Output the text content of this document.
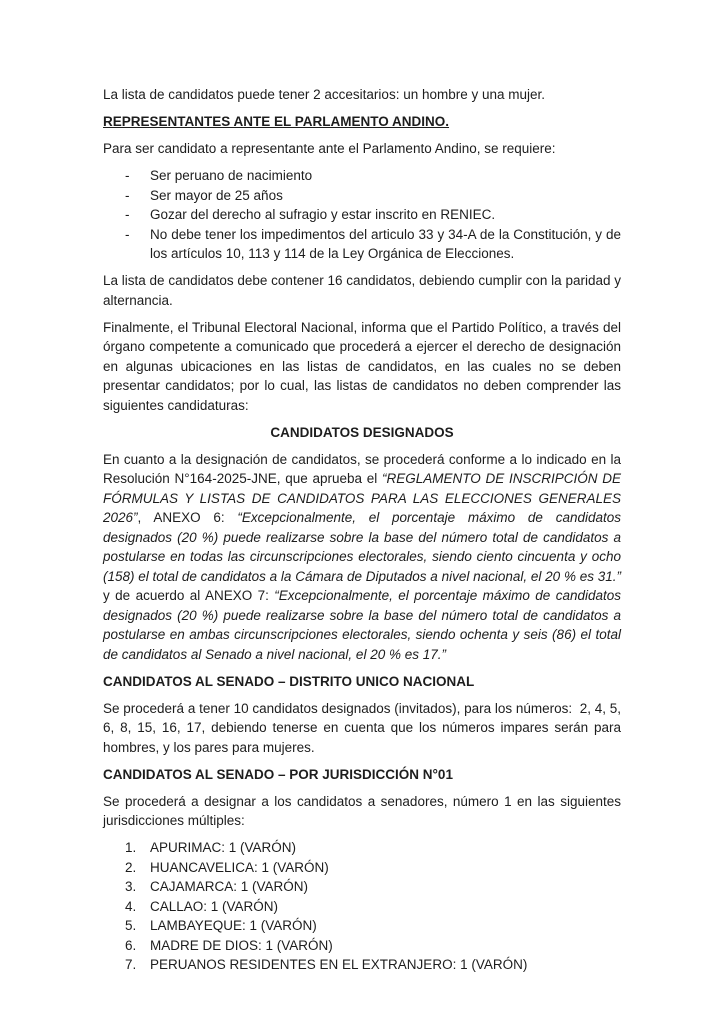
La lista de candidatos puede tener 2 accesitarios: un hombre y una mujer.

REPRESENTANTES ANTE EL PARLAMENTO ANDINO.

Para ser candidato a representante ante el Parlamento Andino, se requiere:

-	Ser peruano de nacimiento
-	Ser mayor de 25 años
-	Gozar del derecho al sufragio y estar inscrito en RENIEC.
-	No debe tener los impedimentos del articulo 33 y 34-A de la Constitución, y de los artículos 10, 113 y 114 de la Ley Orgánica de Elecciones.

La lista de candidatos debe contener 16 candidatos, debiendo cumplir con la paridad y alternancia.

Finalmente, el Tribunal Electoral Nacional, informa que el Partido Político, a través del órgano competente a comunicado que procederá a ejercer el derecho de designación en algunas ubicaciones en las listas de candidatos, en las cuales no se deben presentar candidatos; por lo cual, las listas de candidatos no deben comprender las siguientes candidaturas:

CANDIDATOS DESIGNADOS

En cuanto a la designación de candidatos, se procederá conforme a lo indicado en la Resolución N°164-2025-JNE, que aprueba el “REGLAMENTO DE INSCRIPCIÓN DE FÓRMULAS Y LISTAS DE CANDIDATOS PARA LAS ELECCIONES GENERALES 2026”, ANEXO 6: “Excepcionalmente, el porcentaje máximo de candidatos designados (20 %) puede realizarse sobre la base del número total de candidatos a postularse en todas las circunscripciones electorales, siendo ciento cincuenta y ocho (158) el total de candidatos a la Cámara de Diputados a nivel nacional, el 20 % es 31.” y de acuerdo al ANEXO 7: “Excepcionalmente, el porcentaje máximo de candidatos designados (20 %) puede realizarse sobre la base del número total de candidatos a postularse en ambas circunscripciones electorales, siendo ochenta y seis (86) el total de candidatos al Senado a nivel nacional, el 20 % es 17.”

CANDIDATOS AL SENADO – DISTRITO UNICO NACIONAL

Se procederá a tener 10 candidatos designados (invitados), para los números:  2, 4, 5, 6, 8, 15, 16, 17, debiendo tenerse en cuenta que los números impares serán para hombres, y los pares para mujeres.

CANDIDATOS AL SENADO – POR JURISDICCIÓN N°01

Se procederá a designar a los candidatos a senadores, número 1 en las siguientes jurisdicciones múltiples:

1.	APURIMAC: 1 (VARÓN)
2.	HUANCAVELICA: 1 (VARÓN)
3.	CAJAMARCA: 1 (VARÓN)
4.	CALLAO: 1 (VARÓN)
5.	LAMBAYEQUE: 1 (VARÓN)
6.	MADRE DE DIOS: 1 (VARÓN)
7.	PERUANOS RESIDENTES EN EL EXTRANJERO: 1 (VARÓN)
